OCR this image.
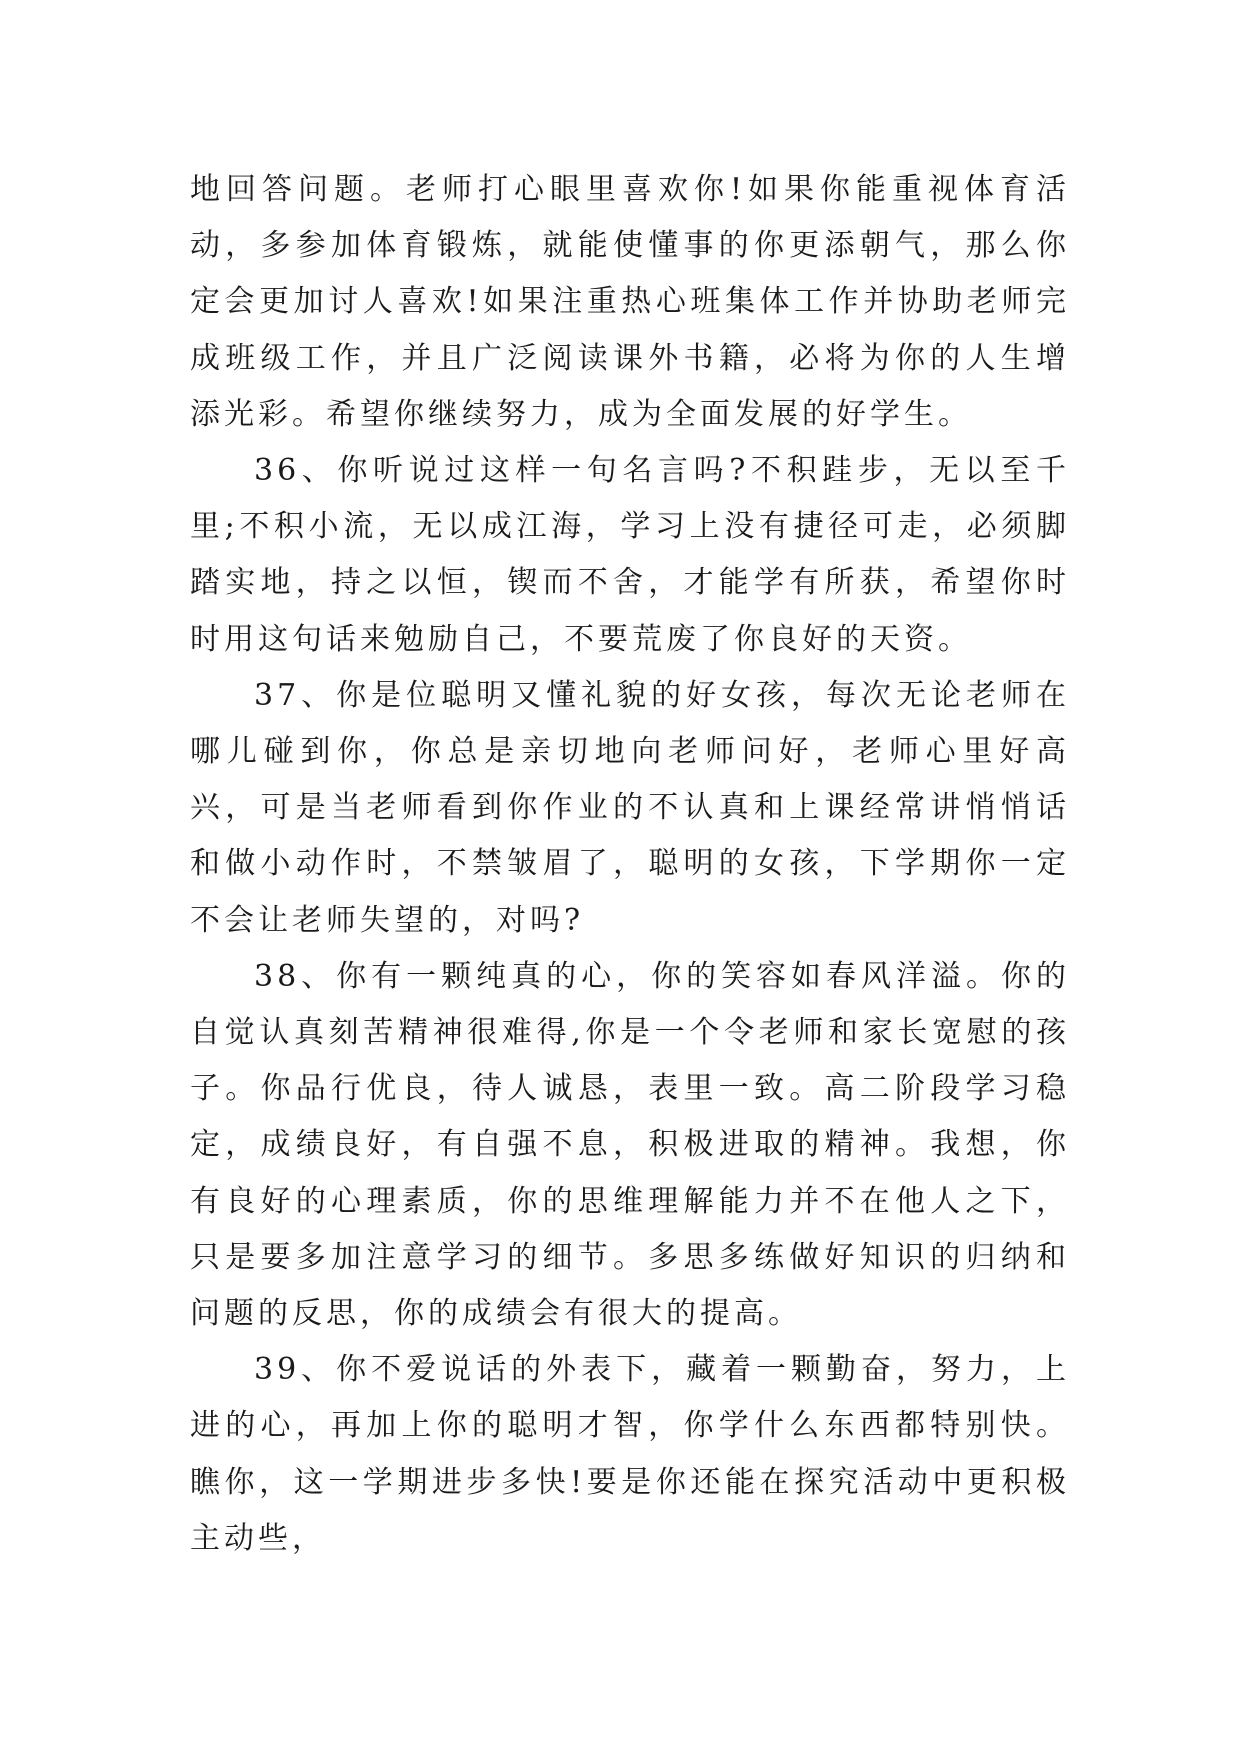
地回答问题。老师打心眼里喜欢你!如果你能重视体育活动，多参加体育锻炼，就能使懂事的你更添朝气，那么你定会更加讨人喜欢!如果注重热心班集体工作并协助老师完成班级工作，并且广泛阅读课外书籍，必将为你的人生增添光彩。希望你继续努力，成为全面发展的好学生。

36、你听说过这样一句名言吗?不积跬步，无以至千里;不积小流，无以成江海，学习上没有捷径可走，必须脚踏实地，持之以恒，锲而不舍，才能学有所获，希望你时时用这句话来勉励自己，不要荒废了你良好的天资。

37、你是位聪明又懂礼貌的好女孩，每次无论老师在哪儿碰到你，你总是亲切地向老师问好，老师心里好高兴，可是当老师看到你作业的不认真和上课经常讲悄悄话和做小动作时，不禁皱眉了，聪明的女孩，下学期你一定不会让老师失望的，对吗?

38、你有一颗纯真的心，你的笑容如春风洋溢。你的自觉认真刻苦精神很难得,你是一个令老师和家长宽慰的孩子。你品行优良，待人诚恳，表里一致。高二阶段学习稳定，成绩良好，有自强不息，积极进取的精神。我想，你有良好的心理素质，你的思维理解能力并不在他人之下，只是要多加注意学习的细节。多思多练做好知识的归纳和问题的反思，你的成绩会有很大的提高。

39、你不爱说话的外表下，藏着一颗勤奋，努力，上进的心，再加上你的聪明才智，你学什么东西都特别快。瞧你，这一学期进步多快!要是你还能在探究活动中更积极主动些，
